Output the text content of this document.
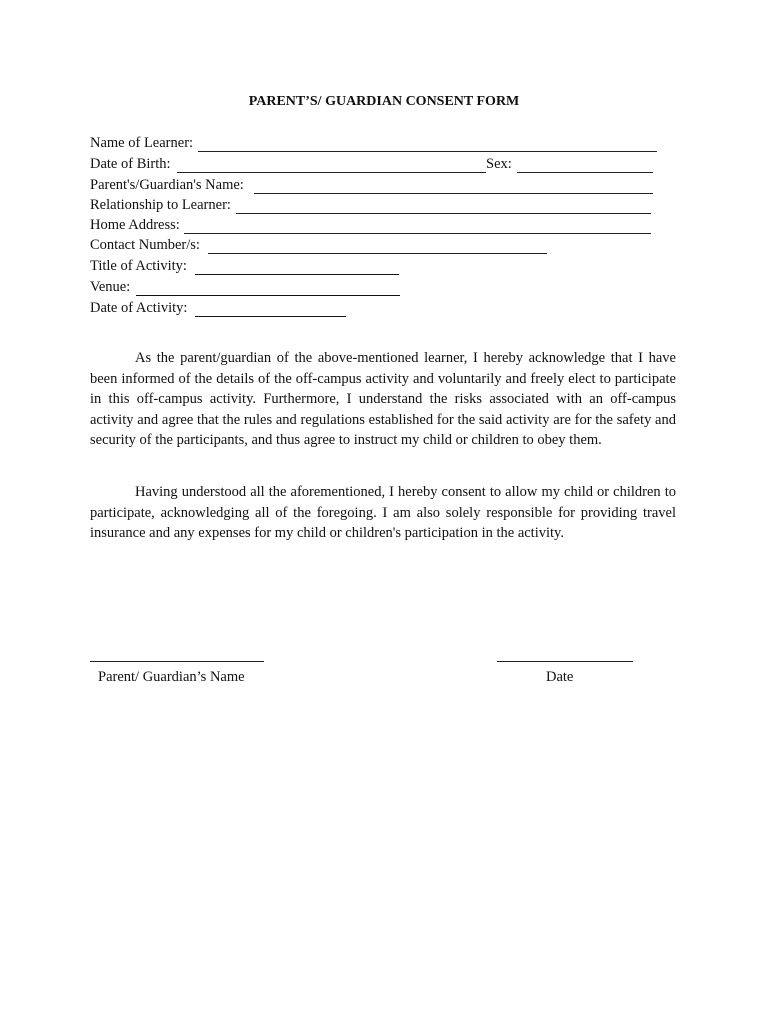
PARENT’S/ GUARDIAN CONSENT FORM
Name of Learner:
Date of Birth:	Sex:
Parent's/Guardian's Name:
Relationship to Learner:
Home Address:
Contact Number/s:
Title of Activity:
Venue:
Date of Activity:

As the parent/guardian of the above-mentioned learner, I hereby acknowledge that I have been informed of the details of the off-campus activity and voluntarily and freely elect to participate in this off-campus activity. Furthermore, I understand the risks associated with an off-campus activity and agree that the rules and regulations established for the said activity are for the safety and security of the participants, and thus agree to instruct my child or children to obey them.

Having understood all the aforementioned, I hereby consent to allow my child or children to participate, acknowledging all of the foregoing. I am also solely responsible for providing travel insurance and any expenses for my child or children's participation in the activity.

Parent/ Guardian’s Name	Date
